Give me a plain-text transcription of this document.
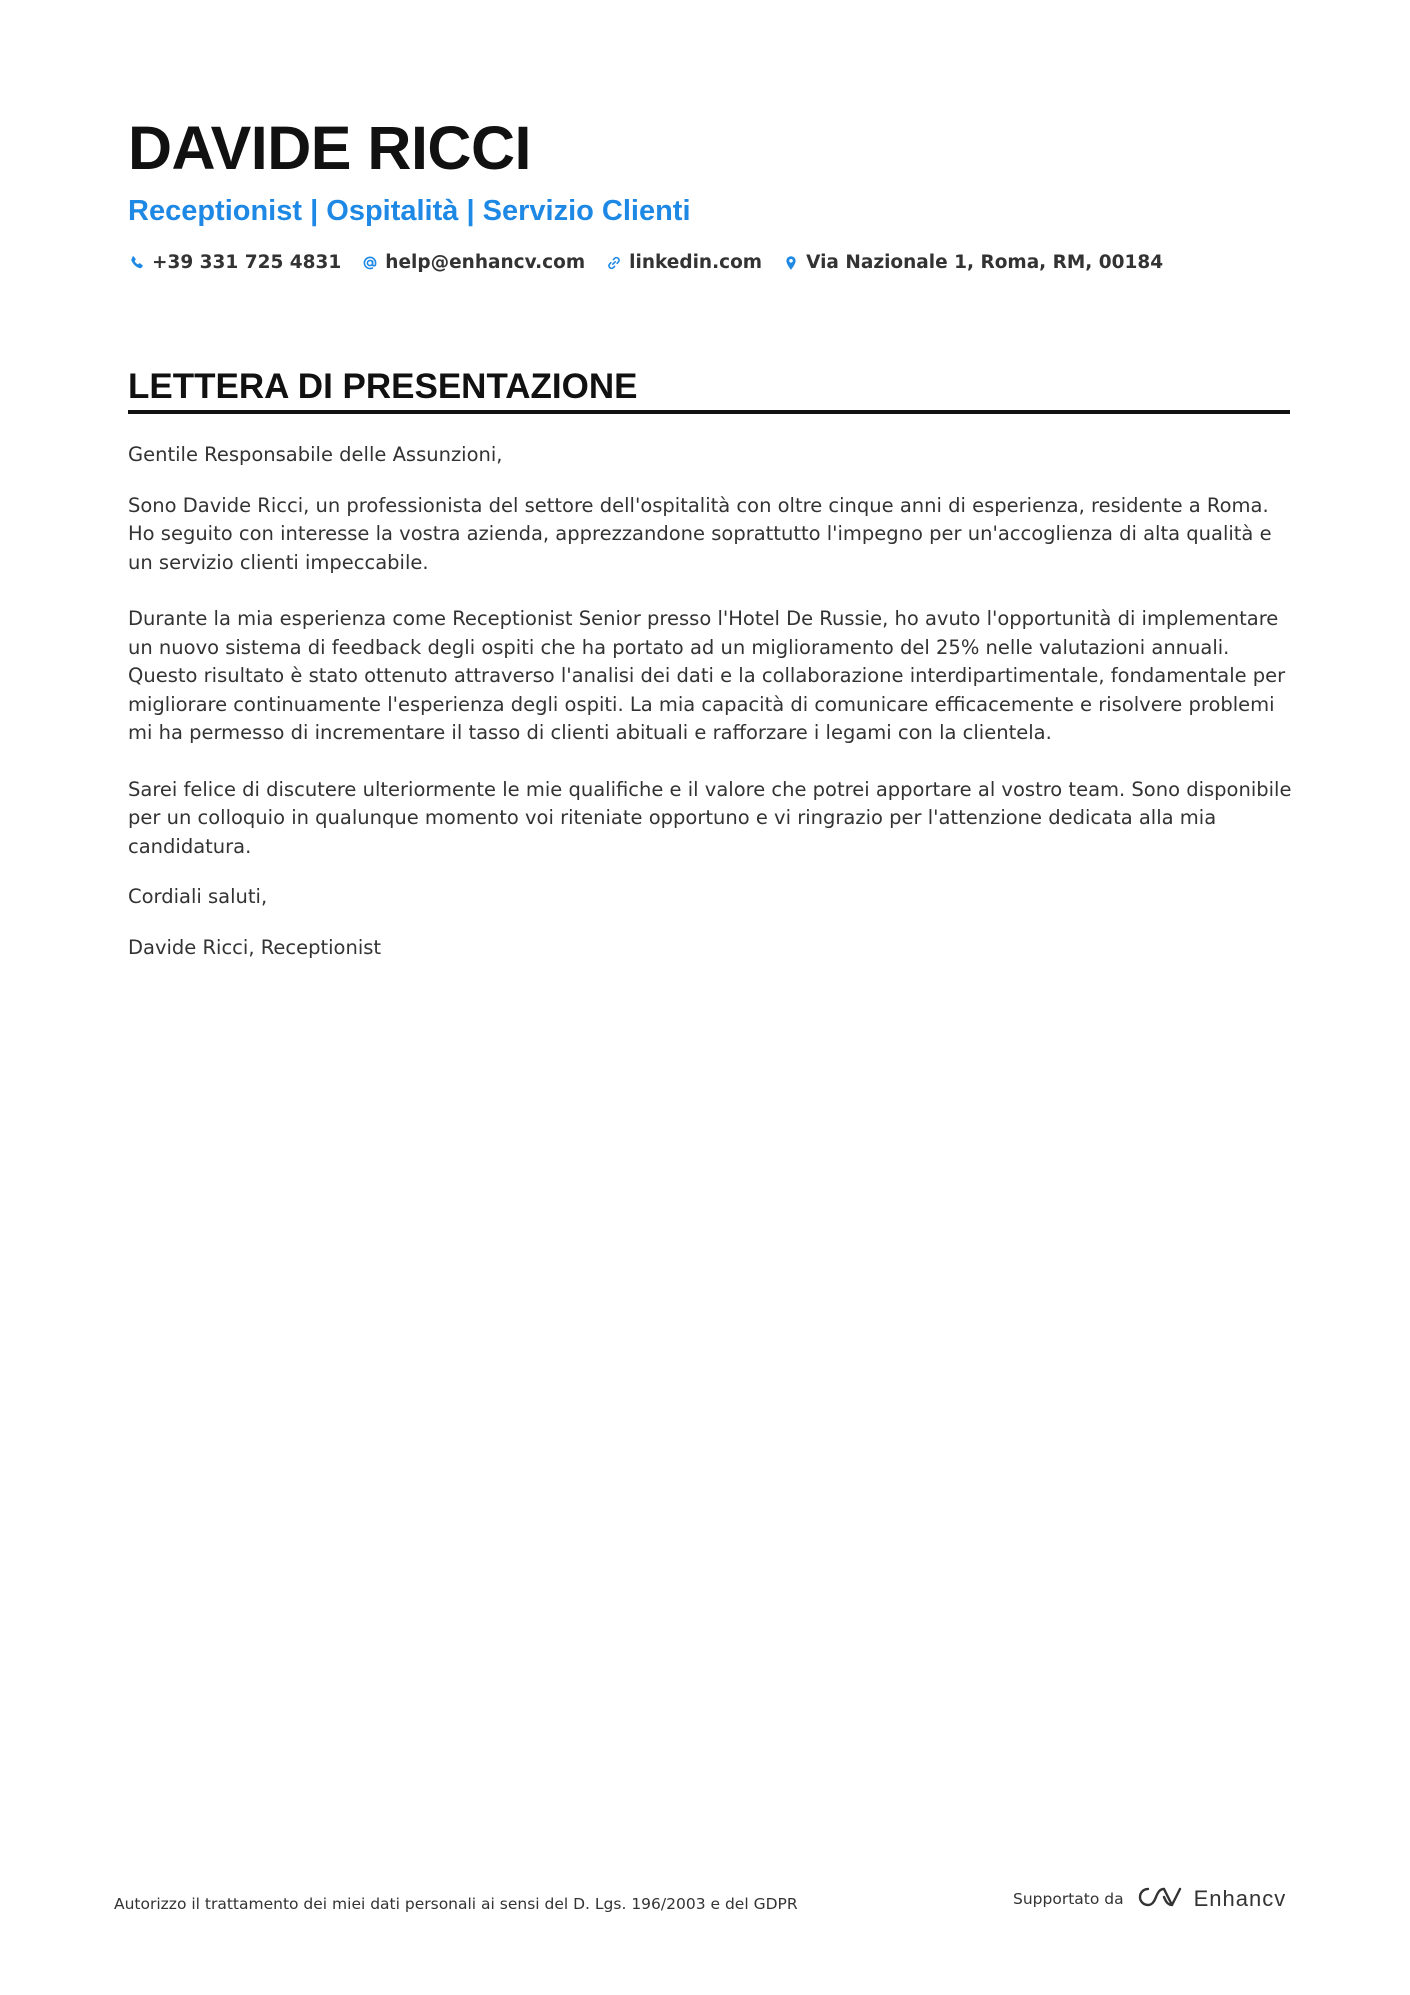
DAVIDE RICCI
Receptionist | Ospitalità | Servizio Clienti
+39 331 725 4831 help@enhancv.com linkedin.com Via Nazionale 1, Roma, RM, 00184
LETTERA DI PRESENTAZIONE

Gentile Responsabile delle Assunzioni,

Sono Davide Ricci, un professionista del settore dell'ospitalità con oltre cinque anni di esperienza, residente a Roma. Ho seguito con interesse la vostra azienda, apprezzandone soprattutto l'impegno per un'accoglienza di alta qualità e un servizio clienti impeccabile.

Durante la mia esperienza come Receptionist Senior presso l'Hotel De Russie, ho avuto l'opportunità di implementare un nuovo sistema di feedback degli ospiti che ha portato ad un miglioramento del 25% nelle valutazioni annuali. Questo risultato è stato ottenuto attraverso l'analisi dei dati e la collaborazione interdipartimentale, fondamentale per migliorare continuamente l'esperienza degli ospiti. La mia capacità di comunicare efficacemente e risolvere problemi mi ha permesso di incrementare il tasso di clienti abituali e rafforzare i legami con la clientela.

Sarei felice di discutere ulteriormente le mie qualifiche e il valore che potrei apportare al vostro team. Sono disponibile per un colloquio in qualunque momento voi riteniate opportuno e vi ringrazio per l'attenzione dedicata alla mia candidatura.

Cordiali saluti,

Davide Ricci, Receptionist

Autorizzo il trattamento dei miei dati personali ai sensi del D. Lgs. 196/2003 e del GDPR	Supportato da	Enhancv
